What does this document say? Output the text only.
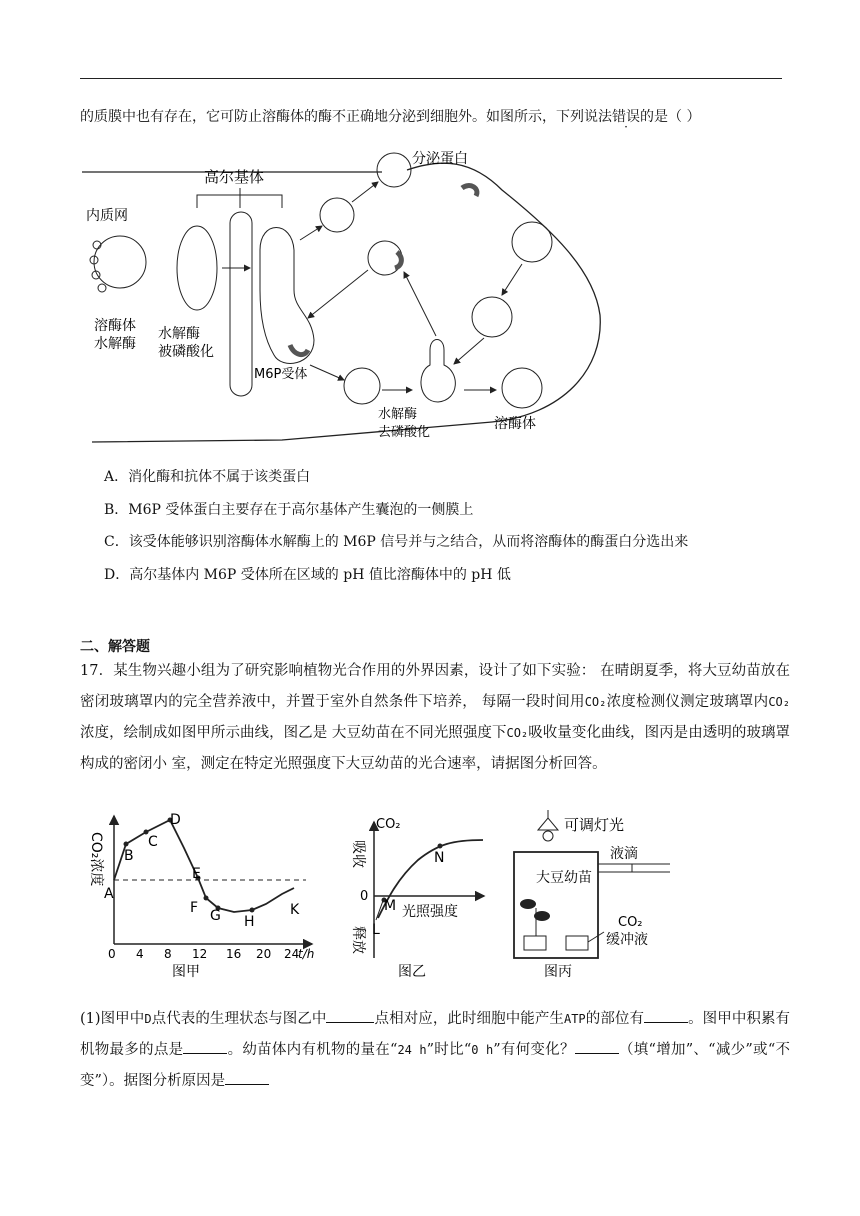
的质膜中也有存在，它可防止溶酶体的酶不正确地分泌到细胞外。如图所示，下列说法错误的是（ ）
高尔基体
内质网
溶酶体
水解酶
水解酶
被磷酸化
M6P受体
分泌蛋白
水解酶
去磷酸化
溶酶体
A．消化酶和抗体不属于该类蛋白
B．M6P 受体蛋白主要存在于高尔基体产生囊泡的一侧膜上
C．该受体能够识别溶酶体水解酶上的 M6P 信号并与之结合，从而将溶酶体的酶蛋白分选出来
D．高尔基体内 M6P 受体所在区域的 pH 值比溶酶体中的 pH 低
二、解答题
17．某生物兴趣小组为了研究影响植物光合作用的外界因素，设计了如下实验： 在晴朗夏季，将大豆幼苗放在密闭玻璃罩内的完全营养液中，并置于室外自然条件下培养， 每隔一段时间用CO₂浓度检测仪测定玻璃罩内CO₂浓度，绘制成如图甲所示曲线，图乙是 大豆幼苗在不同光照强度下CO₂吸收量变化曲线，图丙是由透明的玻璃罩构成的密闭小 室，测定在特定光照强度下大豆幼苗的光合速率，请据图分析回答。
CO₂浓度
A
B
C
D
E
F G H
K
0 4 8 12 16 20 24
t/h
图甲
吸收
CO₂
释放
0
N
L
M 光照强度
图乙
可调灯光
液滴
大豆幼苗
CO₂
缓冲液
图丙
(1)图甲中D点代表的生理状态与图乙中	点相对应，此时细胞中能产生ATP的部位有	。图甲中积累有机物最多的点是	。幼苗体内有机物的量在“24 h”时比“0 h”有何变化？	（填“增加”、“减少”或“不变”）。据图分析原因是
